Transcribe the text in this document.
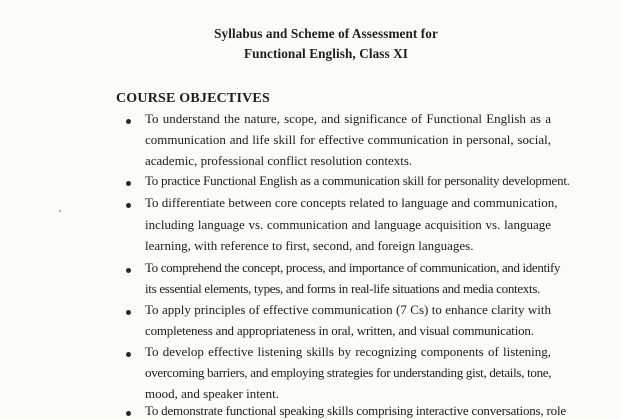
Syllabus and Scheme of Assessment for
Functional English, Class XI
COURSE OBJECTIVES
'
To understand the nature, scope, and significance of Functional English as a
communication and life skill for effective communication in personal, social,
academic, professional conflict resolution contexts.
To practice Functional English as a communication skill for personality development.
To differentiate between core concepts related to language and communication,
including language vs. communication and language acquisition vs. language
learning, with reference to first, second, and foreign languages.
To comprehend the concept, process, and importance of communication, and identify
its essential elements, types, and forms in real-life situations and media contexts.
To apply principles of effective communication (7 Cs) to enhance clarity with
completeness and appropriateness in oral, written, and visual communication.
To develop effective listening skills by recognizing components of listening,
overcoming barriers, and employing strategies for understanding gist, details, tone,
mood, and speaker intent.
To demonstrate functional speaking skills comprising interactive conversations, role
